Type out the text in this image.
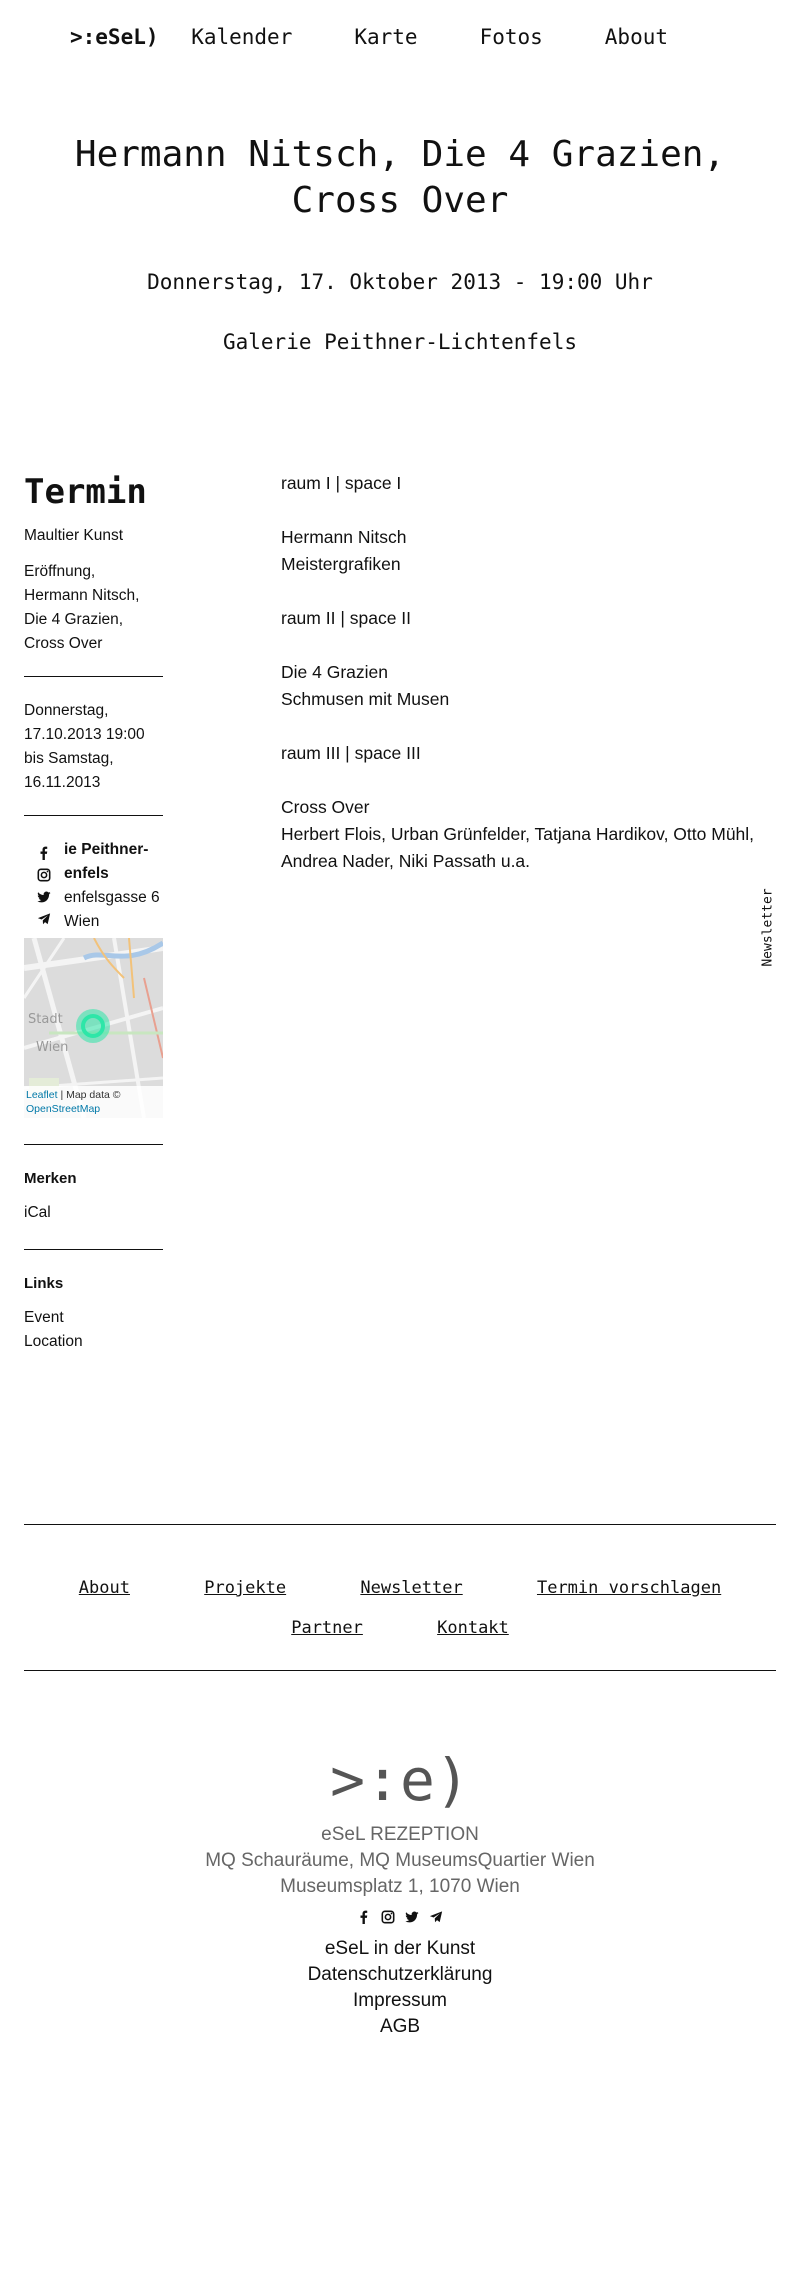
>:eSeL)	Kalender	Karte	Fotos	About
Hermann Nitsch, Die 4 Grazien, Cross Over
Donnerstag, 17. Oktober 2013 - 19:00 Uhr
Galerie Peithner-Lichtenfels
Termin

Maultier Kunst

Eröffnung, Hermann Nitsch, Die 4 Grazien, Cross Over

Donnerstag,
17.10.2013 19:00
bis Samstag,
16.11.2013

ie Peithner-
enfels
enfelsgasse 6
Wien
Stadt
Wien
Leaflet | Map data ©
OpenStreetMap
Merken
iCal
Links
Event
Location

raum I | space I

Hermann Nitsch
Meistergrafiken

raum II | space II

Die 4 Grazien
Schmusen mit Musen

raum III | space III

Cross Over
Herbert Flois, Urban Grünfelder, Tatjana Hardikov, Otto Mühl, Andrea Nader, Niki Passath u.a.

Newsletter
About	Projekte	Newsletter	Termin vorschlagen
Partner	Kontakt
>:e)
eSeL REZEPTION
MQ Schauräume, MQ MuseumsQuartier Wien
Museumsplatz 1, 1070 Wien
eSeL in der Kunst
Datenschutzerklärung
Impressum
AGB
